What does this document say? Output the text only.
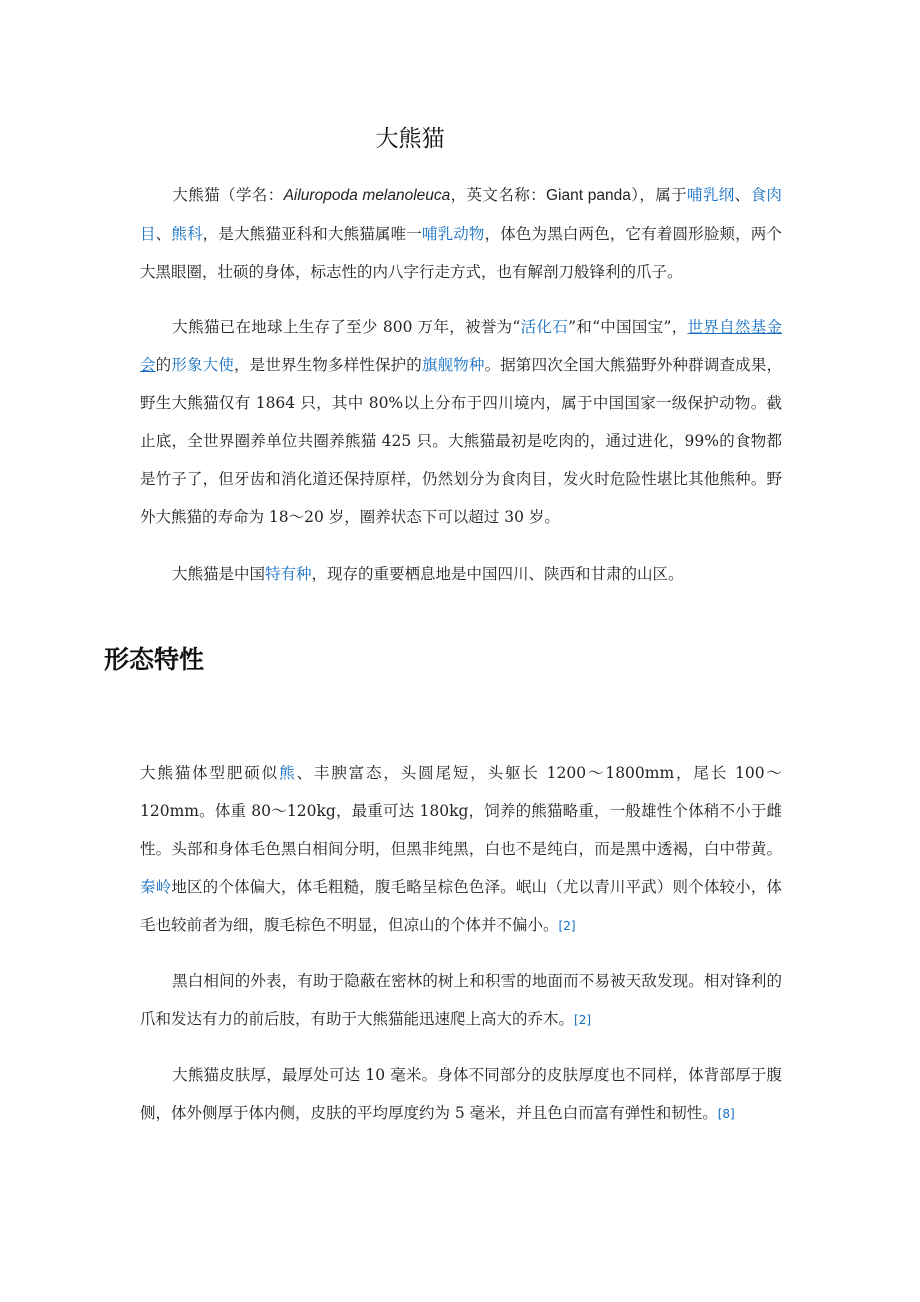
大熊猫

大熊猫（学名：Ailuropoda melanoleuca，英文名称：Giant panda），属于哺乳纲、食肉目、熊科，是大熊猫亚科和大熊猫属唯一哺乳动物，体色为黑白两色，它有着圆形脸颊，两个大黑眼圈，壮硕的身体，标志性的内八字行走方式，也有解剖刀般锋利的爪子。

大熊猫已在地球上生存了至少 800 万年，被誉为“活化石”和“中国国宝”，世界自然基金会的形象大使，是世界生物多样性保护的旗舰物种。据第四次全国大熊猫野外种群调查成果，野生大熊猫仅有 1864 只，其中 80%以上分布于四川境内，属于中国国家一级保护动物。截止底，全世界圈养单位共圈养熊猫 425 只。大熊猫最初是吃肉的，通过进化，99%的食物都是竹子了，但牙齿和消化道还保持原样，仍然划分为食肉目，发火时危险性堪比其他熊种。野外大熊猫的寿命为 18～20 岁，圈养状态下可以超过 30 岁。

大熊猫是中国特有种，现存的重要栖息地是中国四川、陕西和甘肃的山区。

形态特性

大熊猫体型肥硕似熊、丰腴富态，头圆尾短，头躯长 1200～1800mm，尾长 100～120mm。体重 80～120kg，最重可达 180kg，饲养的熊猫略重，一般雄性个体稍不小于雌性。头部和身体毛色黑白相间分明，但黑非纯黑，白也不是纯白，而是黑中透褐，白中带黄。秦岭地区的个体偏大，体毛粗糙，腹毛略呈棕色色泽。岷山（尤以青川平武）则个体较小，体毛也较前者为细，腹毛棕色不明显，但凉山的个体并不偏小。[2]

黑白相间的外表，有助于隐蔽在密林的树上和积雪的地面而不易被天敌发现。相对锋利的爪和发达有力的前后肢，有助于大熊猫能迅速爬上高大的乔木。[2]

大熊猫皮肤厚，最厚处可达 10 毫米。身体不同部分的皮肤厚度也不同样，体背部厚于腹侧，体外侧厚于体内侧，皮肤的平均厚度约为 5 毫米，并且色白而富有弹性和韧性。[8]
